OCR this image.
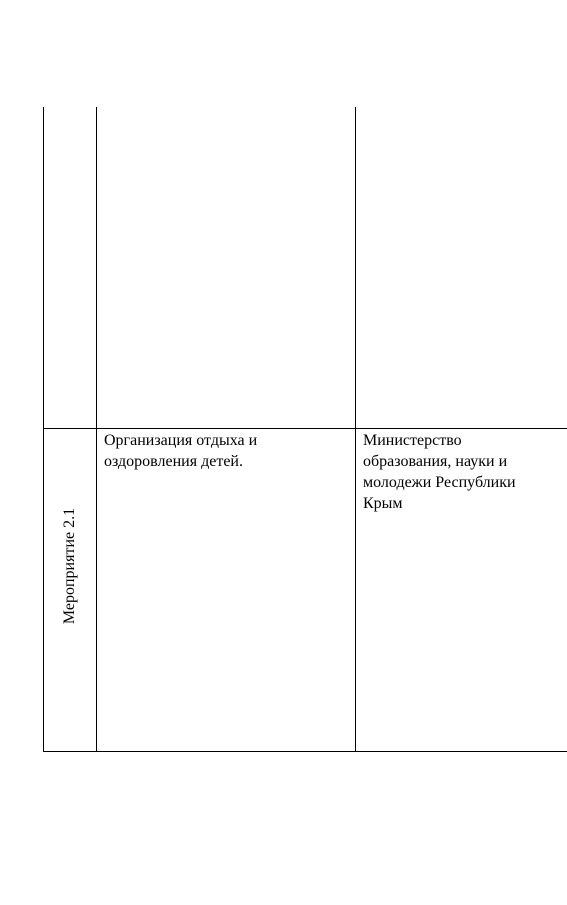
Мероприятие 2.1
Организация отдыха и
оздоровления детей.
Министерство
образования, науки и
молодежи Республики
Крым
